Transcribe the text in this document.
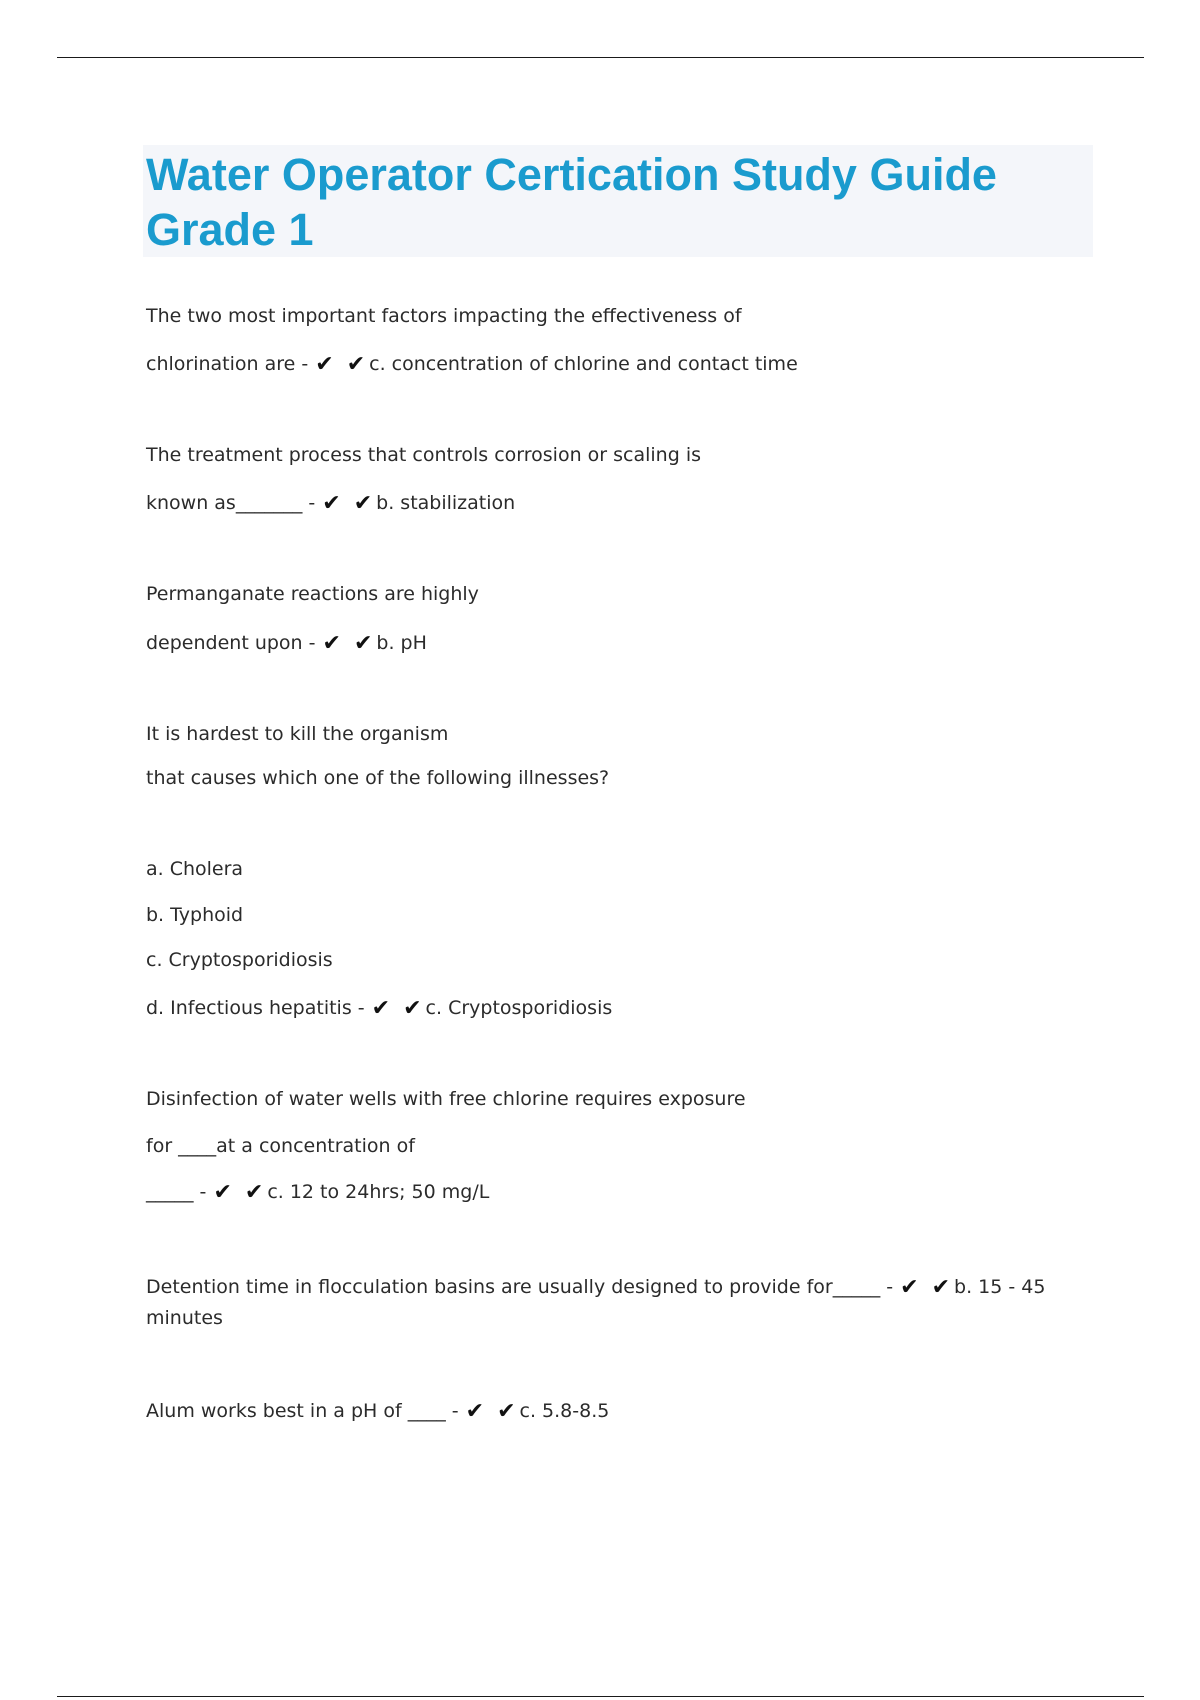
Water Operator Certication Study Guide Grade 1
The two most important factors impacting the effectiveness of
chlorination are - ✔ ✔c. concentration of chlorine and contact time
The treatment process that controls corrosion or scaling is
known as_______ - ✔ ✔b. stabilization
Permanganate reactions are highly
dependent upon - ✔ ✔b. pH
It is hardest to kill the organism
that causes which one of the following illnesses?
a. Cholera
b. Typhoid
c. Cryptosporidiosis
d. Infectious hepatitis - ✔ ✔c. Cryptosporidiosis
Disinfection of water wells with free chlorine requires exposure
for ____at a concentration of
_____ - ✔ ✔c. 12 to 24hrs; 50 mg/L
Detention time in flocculation basins are usually designed to provide for_____ - ✔ ✔b. 15 - 45 minutes
Alum works best in a pH of ____ - ✔ ✔c. 5.8-8.5
